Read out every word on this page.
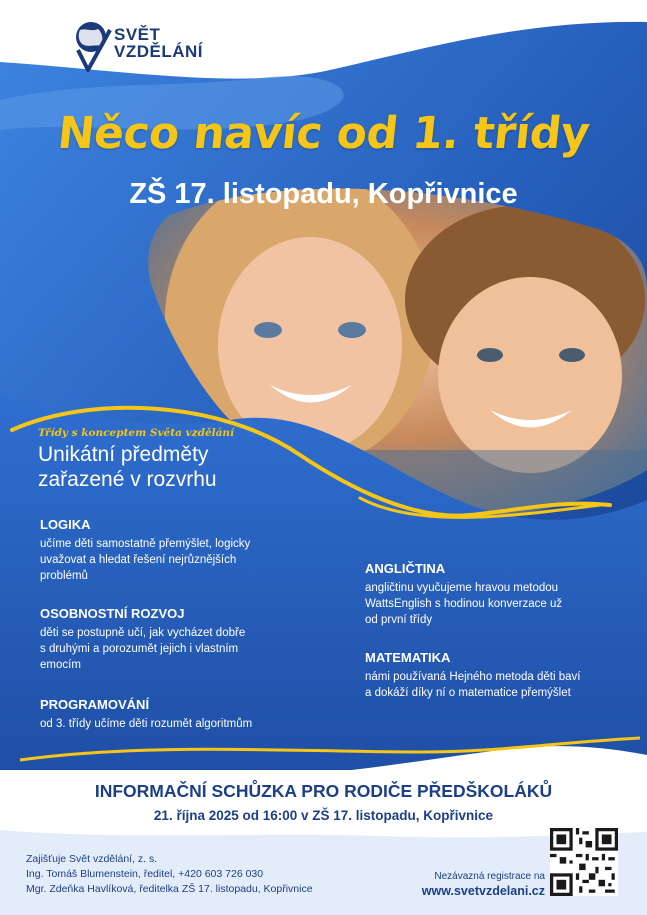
SVĚT
VZDĚLÁNÍ
Něco navíc od 1. třídy
ZŠ 17. listopadu, Kopřivnice
Třídy s konceptem Světa vzdělání
Unikátní předměty
zařazené v rozvrhu
LOGIKA
učíme děti samostatně přemýšlet, logicky
uvažovat a hledat řešení nejrůznějších
problémů
OSOBNOSTNÍ ROZVOJ
děti se postupně učí, jak vycházet dobře
s druhými a porozumět jejich i vlastním
emocím
PROGRAMOVÁNÍ
od 3. třídy učíme děti rozumět algoritmům
ANGLIČTINA
angličtinu vyučujeme hravou metodou
WattsEnglish s hodinou konverzace už
od první třídy
MATEMATIKA
námi používaná Hejného metoda děti baví
a dokáží díky ní o matematice přemýšlet
INFORMAČNÍ SCHŮZKA PRO RODIČE PŘEDŠKOLÁKŮ
21. října 2025 od 16:00 v ZŠ 17. listopadu, Kopřivnice
Zajišťuje Svět vzdělání, z. s.
Ing. Tomáš Blumenstein, ředitel, +420 603 726 030
Mgr. Zdeňka Havlíková, ředitelka ZŠ 17. listopadu, Kopřivnice
Nezávazná registrace na
www.svetvzdelani.cz
